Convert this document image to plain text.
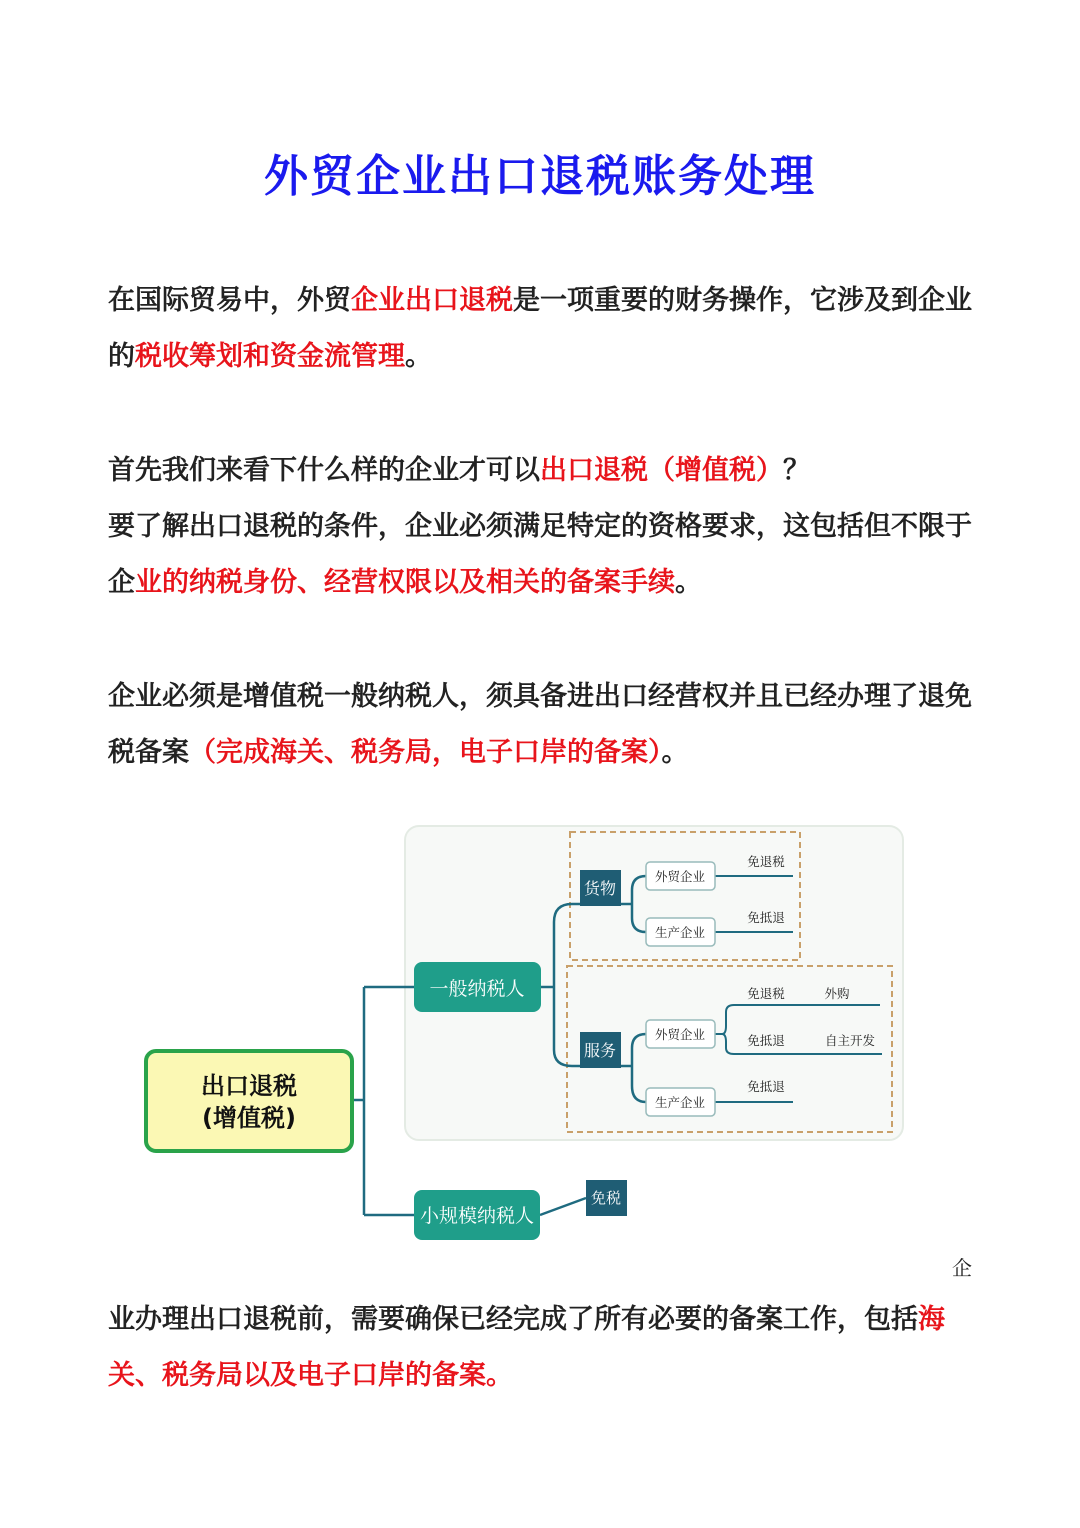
外贸企业出口退税账务处理
在国际贸易中，外贸企业出口退税是一项重要的财务操作，它涉及到企业的税收筹划和资金流管理。
首先我们来看下什么样的企业才可以出口退税（增值税）？
要了解出口退税的条件，企业必须满足特定的资格要求，这包括但不限于企业的纳税身份、经营权限以及相关的备案手续。
企业必须是增值税一般纳税人，须具备进出口经营权并且已经办理了退免税备案（完成海关、税务局，电子口岸的备案）。
出口退税
(增值税)
一般纳税人
小规模纳税人
货物
服务
外贸企业
生产企业
外贸企业
生产企业
免退税
免抵退
免退税	外购
免抵退	自主开发
免抵退
免税
企
业办理出口退税前，需要确保已经完成了所有必要的备案工作，包括海关、税务局以及电子口岸的备案。
